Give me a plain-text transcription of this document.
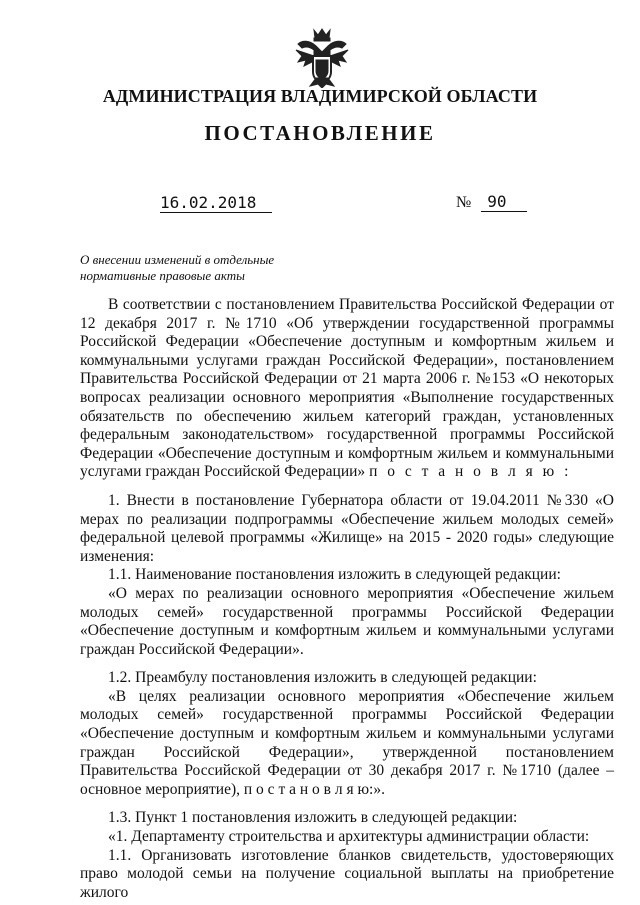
АДМИНИСТРАЦИЯ ВЛАДИМИРСКОЙ ОБЛАСТИ
ПОСТАНОВЛЕНИЕ
16.02.2018	№ 90
О внесении изменений в отдельные
нормативные правовые акты

В соответствии с постановлением Правительства Российской Федерации от 12 декабря 2017 г. №1710 «Об утверждении государственной программы Российской Федерации «Обеспечение доступным и комфортным жильем и коммунальными услугами граждан Российской Федерации», постановлением Правительства Российской Федерации от 21 марта 2006 г. №153 «О некоторых вопросах реализации основного мероприятия «Выполнение государственных обязательств по обеспечению жильем категорий граждан, установленных федеральным законодательством» государственной программы Российской Федерации «Обеспечение доступным и комфортным жильем и коммунальными услугами граждан Российской Федерации» п о с т а н о в л я ю :

1. Внести в постановление Губернатора области от 19.04.2011 №330 «О мерах по реализации подпрограммы «Обеспечение жильем молодых семей» федеральной целевой программы «Жилище» на 2015 - 2020 годы» следующие изменения:

1.1. Наименование постановления изложить в следующей редакции:

«О мерах по реализации основного мероприятия «Обеспечение жильем молодых семей» государственной программы Российской Федерации «Обеспечение доступным и комфортным жильем и коммунальными услугами граждан Российской Федерации».

1.2. Преамбулу постановления изложить в следующей редакции:

«В целях реализации основного мероприятия «Обеспечение жильем молодых семей» государственной программы Российской Федерации «Обеспечение доступным и комфортным жильем и коммунальными услугами граждан Российской Федерации», утвержденной постановлением Правительства Российской Федерации от 30 декабря 2017 г. №1710 (далее – основное мероприятие), п о с т а н о в л я ю:».

1.3. Пункт 1 постановления изложить в следующей редакции:

«1. Департаменту строительства и архитектуры администрации области:

1.1. Организовать изготовление бланков свидетельств, удостоверяющих право молодой семьи на получение социальной выплаты на приобретение жилого
